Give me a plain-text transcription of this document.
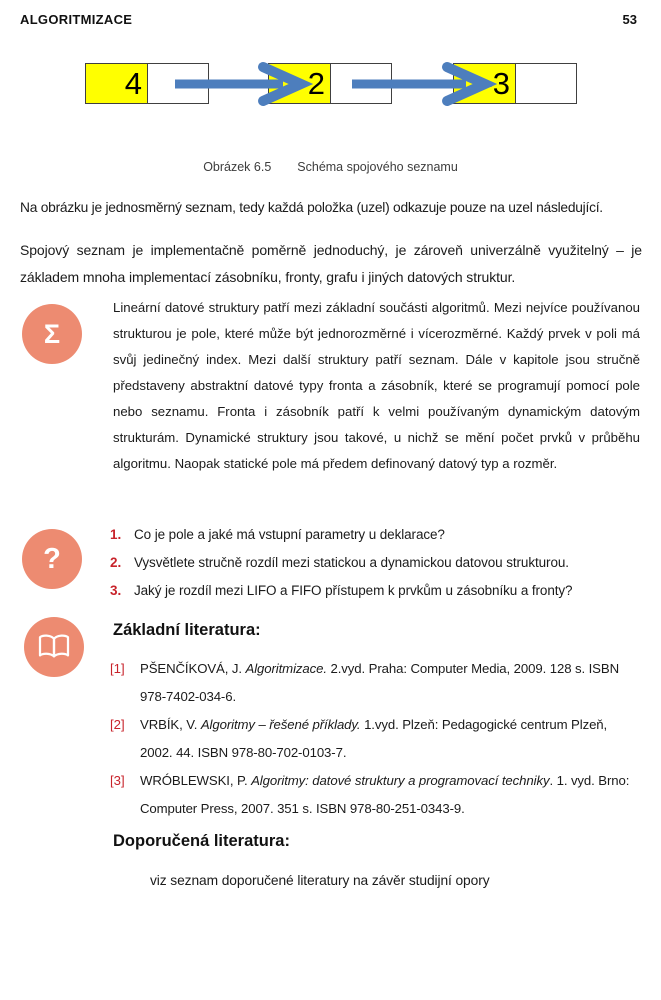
ALGORITMIZACE	53
4	2	-3
Obrázek 6.5 Schéma spojového seznamu
Na obrázku je jednosměrný seznam, tedy každá položka (uzel) odkazuje pouze na uzel následující.
Spojový seznam je implementačně poměrně jednoduchý, je zároveň univerzálně využitelný – je základem mnoha implementací zásobníku, fronty, grafu i jiných datových struktur.
Σ
Lineární datové struktury patří mezi základní součásti algoritmů. Mezi nejvíce používanou strukturou je pole, které může být jednorozměrné i vícerozměrné. Každý prvek v poli má svůj jedinečný index. Mezi další struktury patří seznam. Dále v kapitole jsou stručně představeny abstraktní datové typy fronta a zásobník, které se programují pomocí pole nebo seznamu. Fronta i zásobník patří k velmi používaným dynamickým datovým strukturám. Dynamické struktury jsou takové, u nichž se mění počet prvků v průběhu algoritmu. Naopak statické pole má předem definovaný datový typ a rozměr.
?
1. Co je pole a jaké má vstupní parametry u deklarace?
2. Vysvětlete stručně rozdíl mezi statickou a dynamickou datovou strukturou.
3. Jaký je rozdíl mezi LIFO a FIFO přístupem k prvkům u zásobníku a fronty?
Základní literatura:
[1]	PŠENČÍKOVÁ, J. Algoritmizace. 2.vyd. Praha: Computer Media, 2009. 128 s. ISBN 978-7402-034-6.
[2]	VRBÍK, V. Algoritmy – řešené příklady. 1.vyd. Plzeň: Pedagogické centrum Plzeň, 2002. 44. ISBN 978-80-702-0103-7.
[3]	WRÓBLEWSKI, P. Algoritmy: datové struktury a programovací techniky. 1. vyd. Brno: Computer Press, 2007. 351 s. ISBN 978-80-251-0343-9.
Doporučená literatura:
viz seznam doporučené literatury na závěr studijní opory
